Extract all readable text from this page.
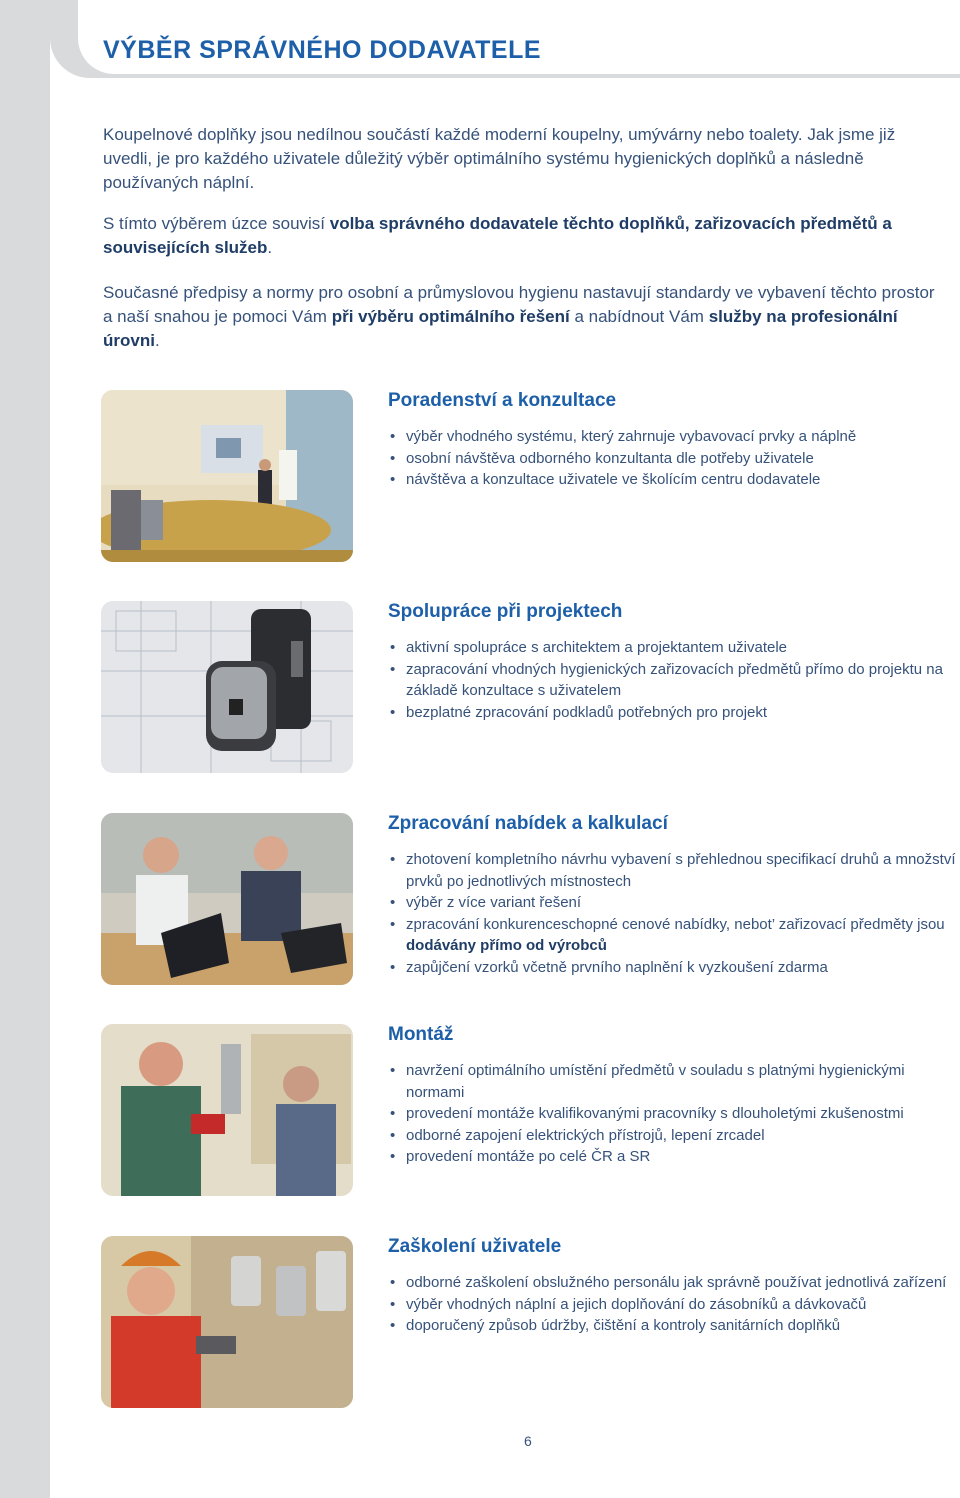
VÝBĚR SPRÁVNÉHO DODAVATELE

Koupelnové doplňky jsou nedílnou součástí každé moderní koupelny, umývárny nebo toalety. Jak jsme již uvedli, je pro každého uživatele důležitý výběr optimálního systému hygienických doplňků a následně používaných náplní.

S tímto výběrem úzce souvisí volba správného dodavatele těchto doplňků, zařizovacích předmětů a souvisejících služeb.

Současné předpisy a normy pro osobní a průmyslovou hygienu nastavují standardy ve vybavení těchto prostor a naší snahou je pomoci Vám při výběru optimálního řešení a nabídnout Vám služby na profesionální úrovni.

Poradenství a konzultace
• výběr vhodného systému, který zahrnuje vybavovací prvky a náplně
• osobní návštěva odborného konzultanta dle potřeby uživatele
• návštěva a konzultace uživatele ve školícím centru dodavatele
Spolupráce při projektech
• aktivní spolupráce s architektem a projektantem uživatele
• zapracování vhodných hygienických zařizovacích předmětů přímo do projektu na základě konzultace s uživatelem
• bezplatné zpracování podkladů potřebných pro projekt
Zpracování nabídek a kalkulací
• zhotovení kompletního návrhu vybavení s přehlednou specifikací druhů a množství prvků po jednotlivých místnostech
• výběr z více variant řešení
• zpracování konkurenceschopné cenové nabídky, nebot’ zařizovací předměty jsou dodávány přímo od výrobců
• zapůjčení vzorků včetně prvního naplnění k vyzkoušení zdarma
Montáž
• navržení optimálního umístění předmětů v souladu s platnými hygienickými normami
• provedení montáže kvalifikovanými pracovníky s dlouholetými zkušenostmi
• odborné zapojení elektrických přístrojů, lepení zrcadel
• provedení montáže po celé ČR a SR
Zaškolení uživatele
• odborné zaškolení obslužného personálu jak správně používat jednotlivá zařízení
• výběr vhodných náplní a jejich doplňování do zásobníků a dávkovačů
• doporučený způsob údržby, čištění a kontroly sanitárních doplňků
6
